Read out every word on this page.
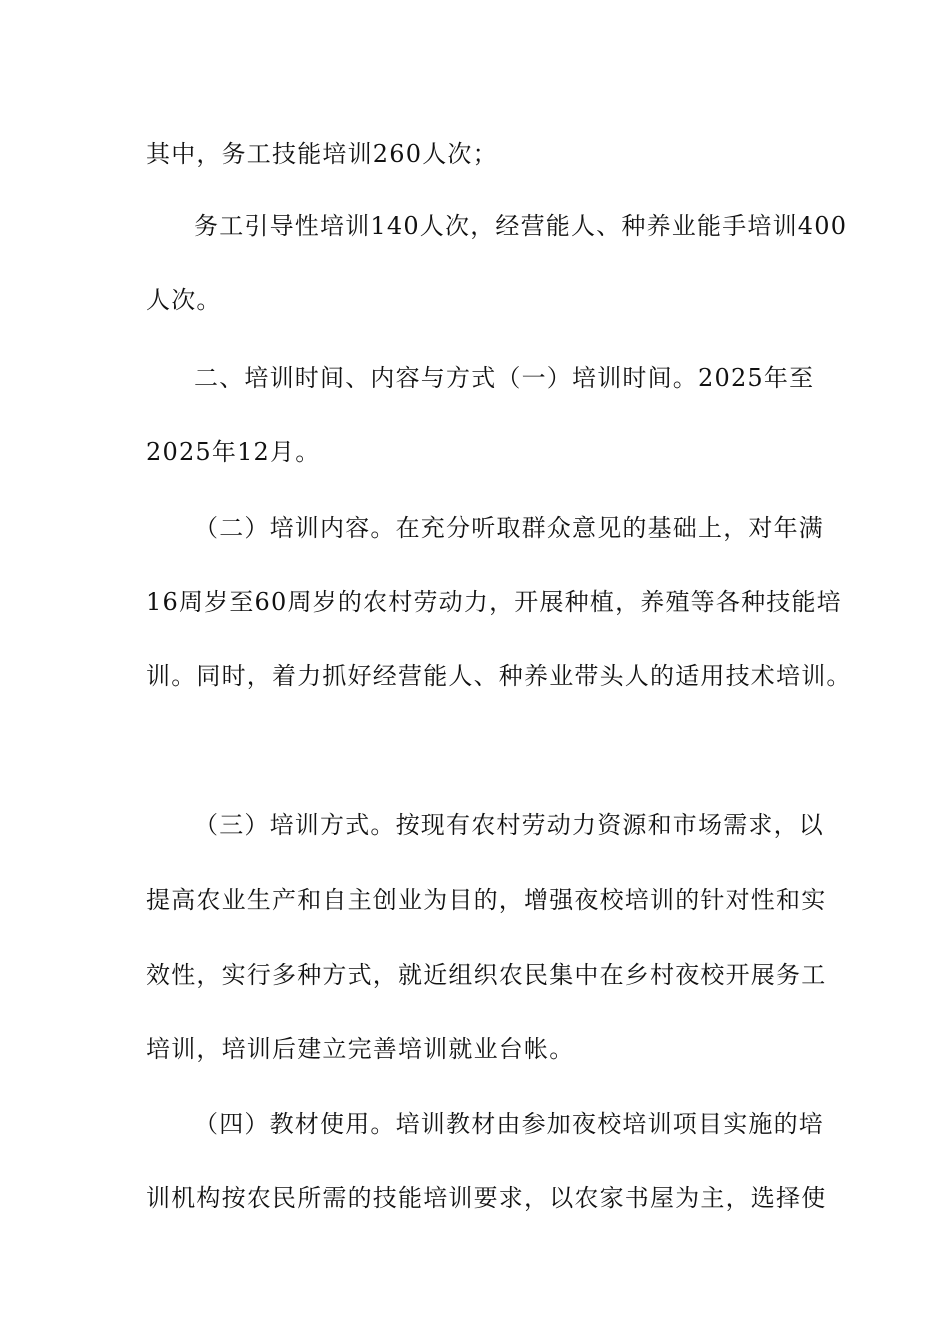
其中，务工技能培训260人次；
务工引导性培训140人次，经营能人、种养业能手培训400
人次。
二、培训时间、内容与方式（一）培训时间。2025年至
2025年12月。
（二）培训内容。在充分听取群众意见的基础上，对年满
16周岁至60周岁的农村劳动力，开展种植，养殖等各种技能培
训。同时，着力抓好经营能人、种养业带头人的适用技术培训。
（三）培训方式。按现有农村劳动力资源和市场需求，以
提高农业生产和自主创业为目的，增强夜校培训的针对性和实
效性，实行多种方式，就近组织农民集中在乡村夜校开展务工
培训，培训后建立完善培训就业台帐。
（四）教材使用。培训教材由参加夜校培训项目实施的培
训机构按农民所需的技能培训要求，以农家书屋为主，选择使
